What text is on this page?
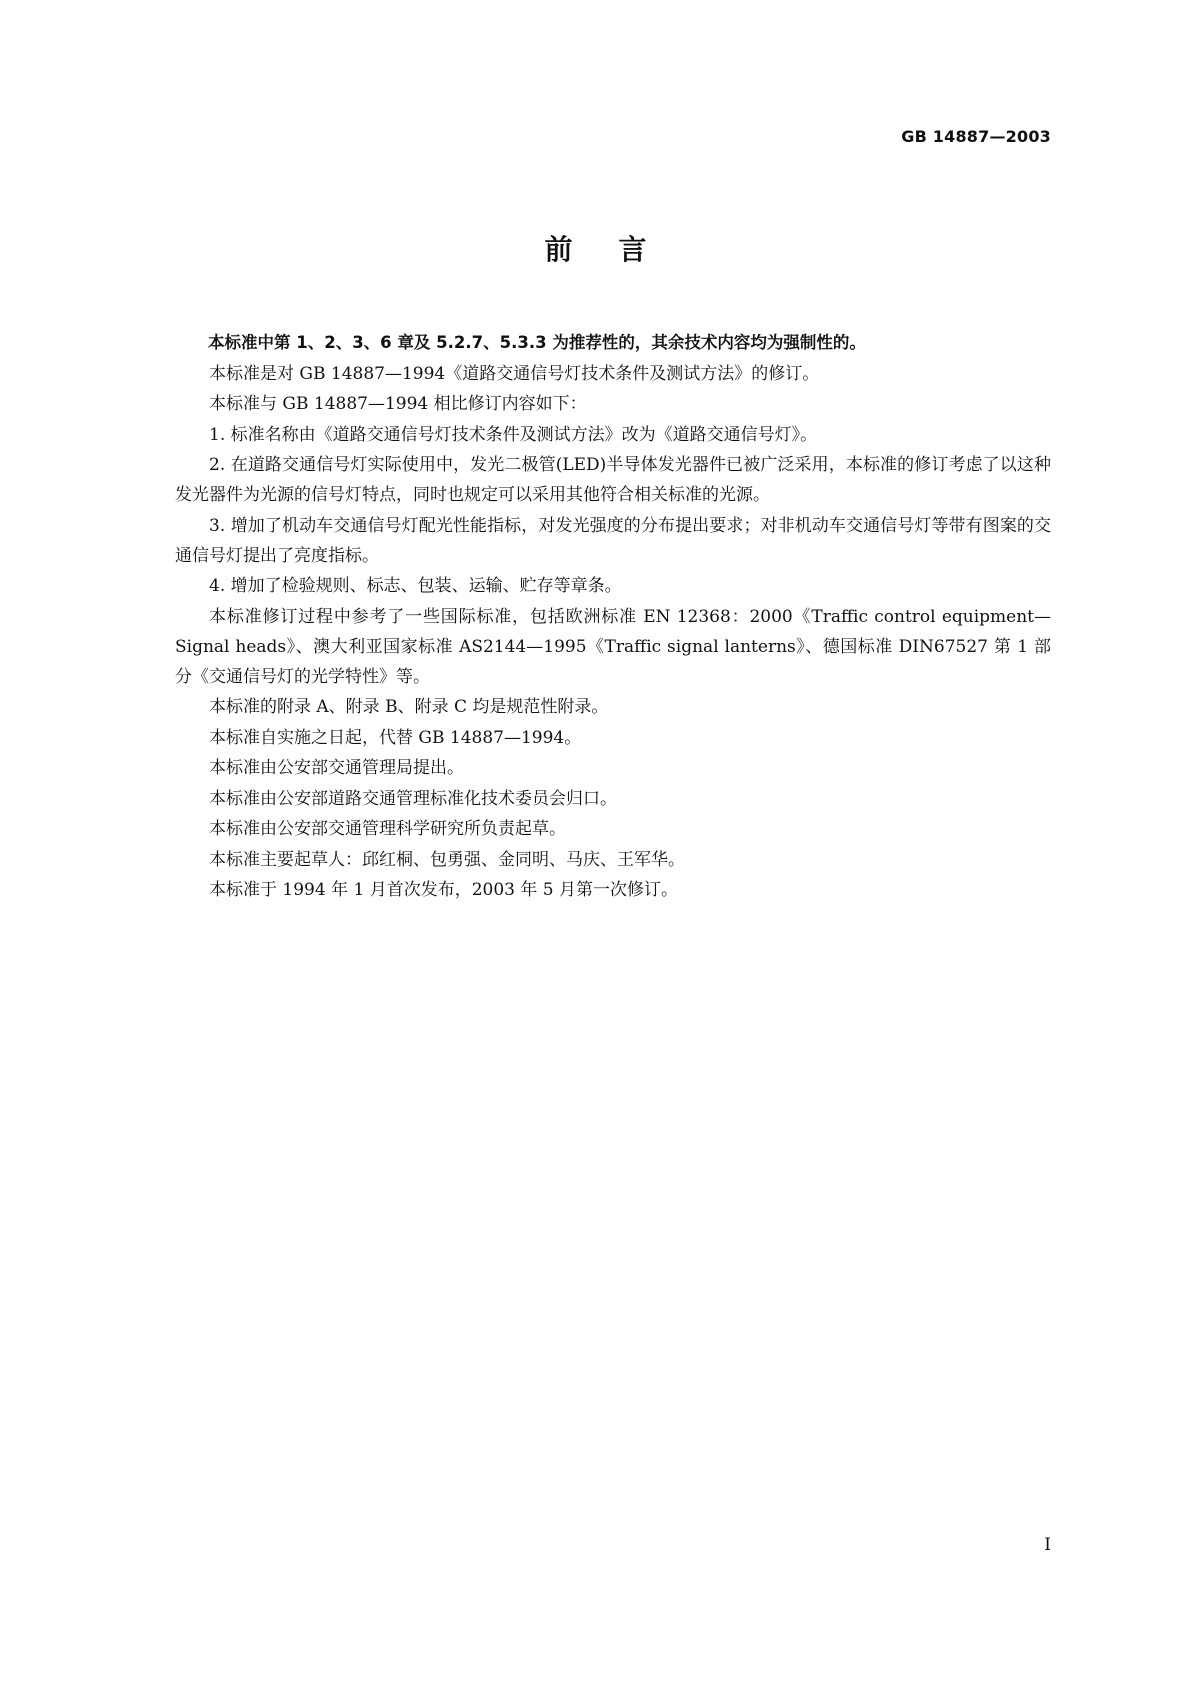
GB 14887—2003
前言

本标准中第 1、2、3、6 章及 5.2.7、5.3.3 为推荐性的，其余技术内容均为强制性的。

本标准是对 GB 14887—1994《道路交通信号灯技术条件及测试方法》的修订。

本标准与 GB 14887—1994 相比修订内容如下：

1. 标准名称由《道路交通信号灯技术条件及测试方法》改为《道路交通信号灯》。

2. 在道路交通信号灯实际使用中，发光二极管(LED)半导体发光器件已被广泛采用，本标准的修订考虑了以这种发光器件为光源的信号灯特点，同时也规定可以采用其他符合相关标准的光源。

3. 增加了机动车交通信号灯配光性能指标，对发光强度的分布提出要求；对非机动车交通信号灯等带有图案的交通信号灯提出了亮度指标。

4. 增加了检验规则、标志、包装、运输、贮存等章条。

本标准修订过程中参考了一些国际标准，包括欧洲标准 EN 12368：2000《Traffic control equipment—Signal heads》、澳大利亚国家标准 AS2144—1995《Traffic signal lanterns》、德国标准 DIN67527 第 1 部分《交通信号灯的光学特性》等。

本标准的附录 A、附录 B、附录 C 均是规范性附录。

本标准自实施之日起，代替 GB 14887—1994。

本标准由公安部交通管理局提出。

本标准由公安部道路交通管理标准化技术委员会归口。

本标准由公安部交通管理科学研究所负责起草。

本标准主要起草人：邱红桐、包勇强、金同明、马庆、王军华。

本标准于 1994 年 1 月首次发布，2003 年 5 月第一次修订。

I
